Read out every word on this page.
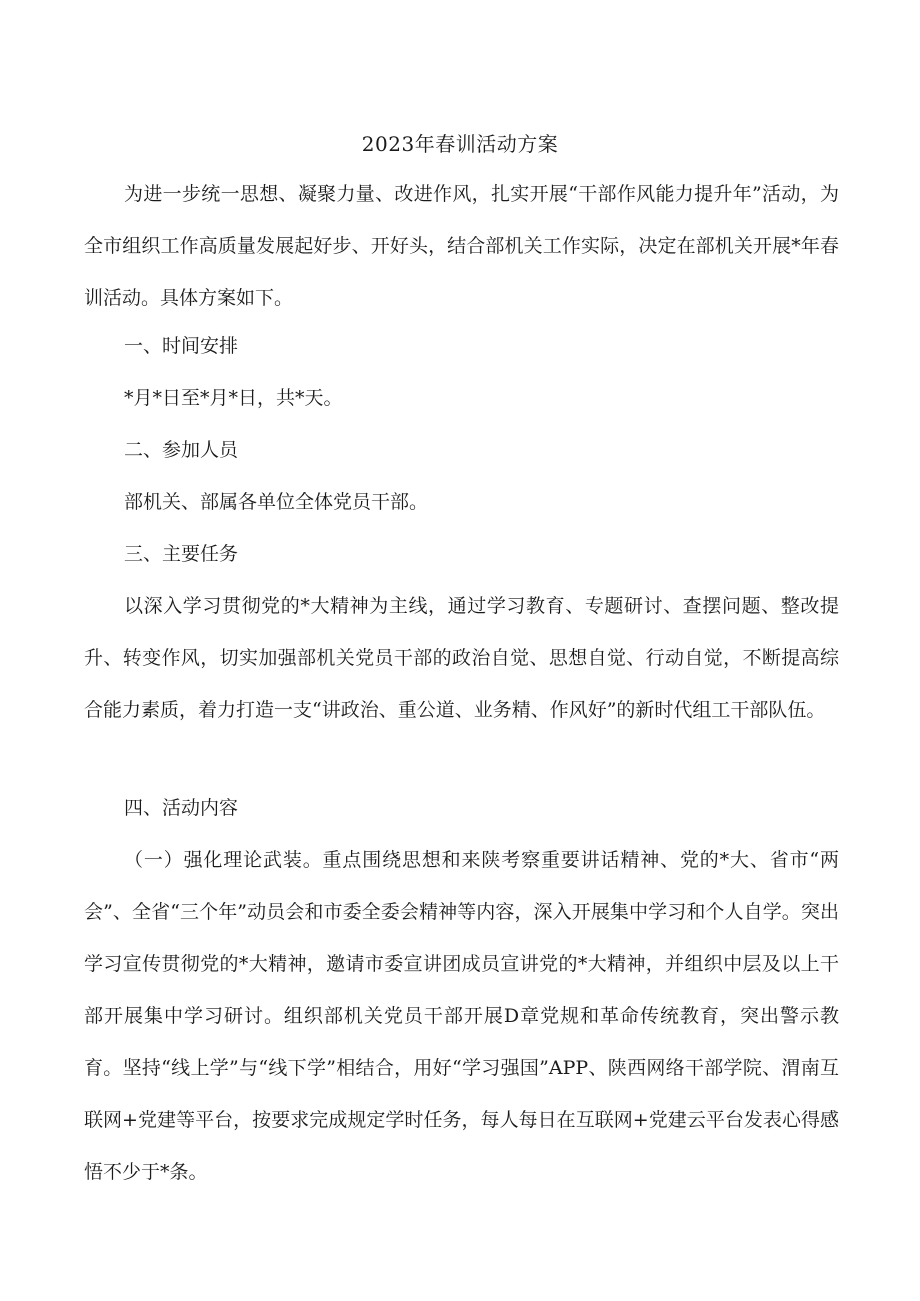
2023年春训活动方案

为进一步统一思想、凝聚力量、改进作风，扎实开展“干部作风能力提升年”活动，为全市组织工作高质量发展起好步、开好头，结合部机关工作实际，决定在部机关开展*年春训活动。具体方案如下。

一、时间安排

*月*日至*月*日，共*天。

二、参加人员

部机关、部属各单位全体党员干部。

三、主要任务

以深入学习贯彻党的*大精神为主线，通过学习教育、专题研讨、查摆问题、整改提升、转变作风，切实加强部机关党员干部的政治自觉、思想自觉、行动自觉，不断提高综合能力素质，着力打造一支“讲政治、重公道、业务精、作风好”的新时代组工干部队伍。

四、活动内容

（一）强化理论武装。重点围绕思想和来陕考察重要讲话精神、党的*大、省市“两会”、全省“三个年”动员会和市委全委会精神等内容，深入开展集中学习和个人自学。突出学习宣传贯彻党的*大精神，邀请市委宣讲团成员宣讲党的*大精神，并组织中层及以上干部开展集中学习研讨。组织部机关党员干部开展D章党规和革命传统教育，突出警示教育。坚持“线上学”与“线下学”相结合，用好“学习强国”APP、陕西网络干部学院、渭南互联网+党建等平台，按要求完成规定学时任务，每人每日在互联网+党建云平台发表心得感悟不少于*条。
